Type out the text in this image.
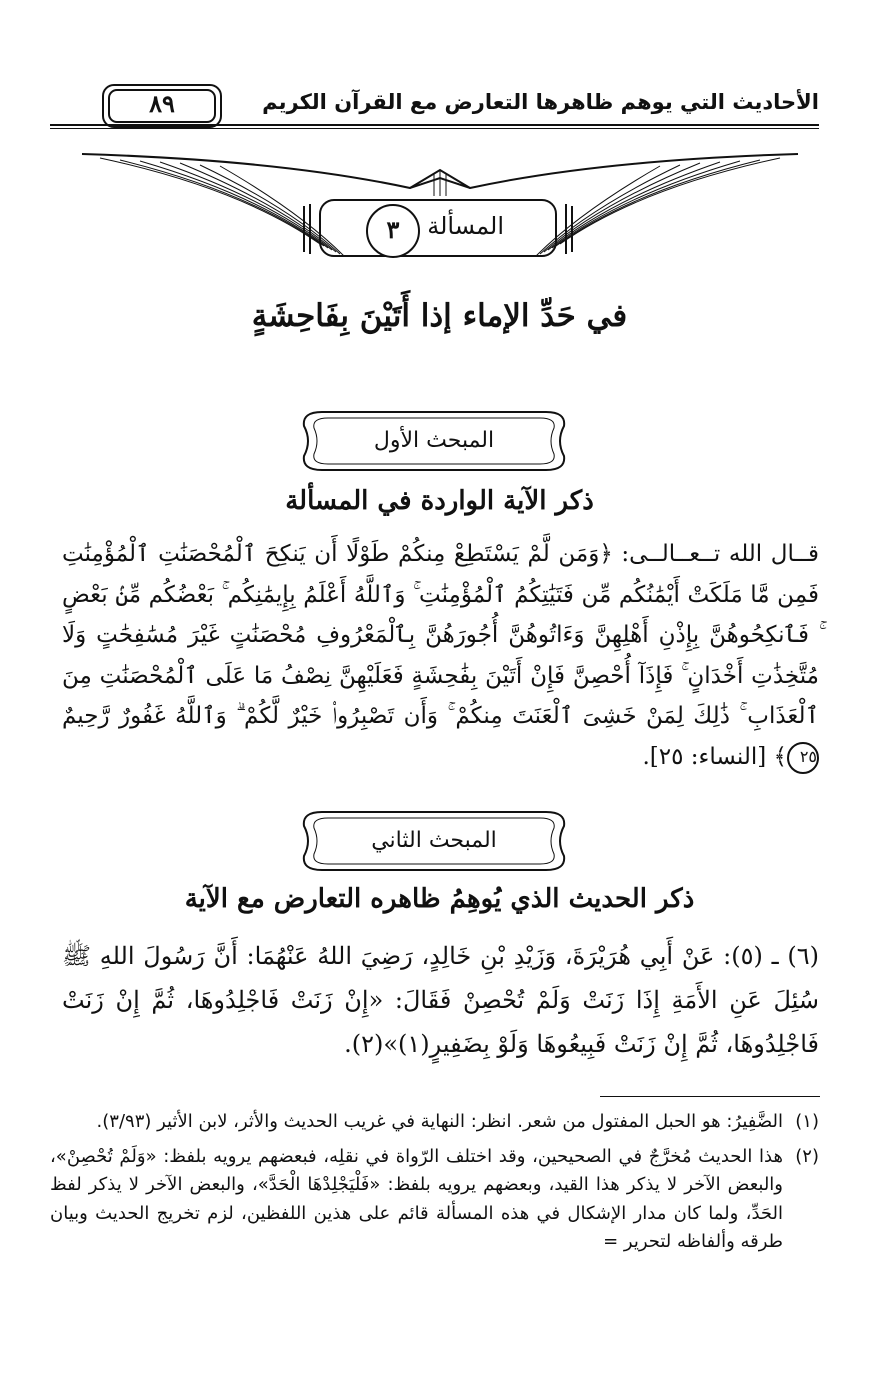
الأحاديث التي يوهم ظاهرها التعارض مع القرآن الكريم
٨٩
المسألة
٣
في حَدِّ الإماء إذا أَتَيْنَ بِفَاحِشَةٍ
المبحث الأول
ذكر الآية الواردة في المسألة

قــال الله تــعــالــى: ﴿وَمَن لَّمْ يَسْتَطِعْ مِنكُمْ طَوْلًا أَن يَنكِحَ ٱلْمُحْصَنَٰتِ ٱلْمُؤْمِنَٰتِ فَمِن مَّا مَلَكَتْ أَيْمَٰنُكُم مِّن فَتَيَٰتِكُمُ ٱلْمُؤْمِنَٰتِ ۚ وَٱللَّهُ أَعْلَمُ بِإِيمَٰنِكُم ۚ بَعْضُكُم مِّنۢ بَعْضٍ ۚ فَٱنكِحُوهُنَّ بِإِذْنِ أَهْلِهِنَّ وَءَاتُوهُنَّ أُجُورَهُنَّ بِٱلْمَعْرُوفِ مُحْصَنَٰتٍ غَيْرَ مُسَٰفِحَٰتٍ وَلَا مُتَّخِذَٰتِ أَخْدَانٍ ۚ فَإِذَآ أُحْصِنَّ فَإِنْ أَتَيْنَ بِفَٰحِشَةٍ فَعَلَيْهِنَّ نِصْفُ مَا عَلَى ٱلْمُحْصَنَٰتِ مِنَ ٱلْعَذَابِ ۚ ذَٰلِكَ لِمَنْ خَشِىَ ٱلْعَنَتَ مِنكُمْ ۚ وَأَن تَصْبِرُوا۟ خَيْرٌ لَّكُمْ ۗ وَٱللَّهُ غَفُورٌ رَّحِيمٌ ٢٥﴾ [النساء: ٢٥].

المبحث الثاني
ذكر الحديث الذي يُوهِمُ ظاهره التعارض مع الآية

(٦) ـ (٥): عَنْ أَبِي هُرَيْرَةَ، وَزَيْدِ بْنِ خَالِدٍ، رَضِيَ اللهُ عَنْهُمَا: أَنَّ رَسُولَ اللهِ ﷺ سُئِلَ عَنِ الأَمَةِ إِذَا زَنَتْ وَلَمْ تُحْصِنْ فَقَالَ: «إِنْ زَنَتْ فَاجْلِدُوهَا، ثُمَّ إِنْ زَنَتْ فَاجْلِدُوهَا، ثُمَّ إِنْ زَنَتْ فَبِيعُوهَا وَلَوْ بِضَفِيرٍ(١)»(٢).

(١)
الضَّفِيرُ: هو الحبل المفتول من شعر. انظر: النهاية في غريب الحديث والأثر، لابن الأثير (٣/٩٣).
(٢)
هذا الحديث مُخرَّجٌ في الصحيحين، وقد اختلف الرّواة في نقلِه، فبعضهم يرويه بلفظ: «وَلَمْ تُحْصِنْ»، والبعض الآخر لا يذكر هذا القيد، وبعضهم يرويه بلفظ: «فَلْيَجْلِدْهَا الْحَدَّ»، والبعض الآخر لا يذكر لفظ الحَدِّ، ولما كان مدار الإشكال في هذه المسألة قائم على هذين اللفظين، لزم تخريج الحديث وبيان طرقه وألفاظه لتحرير =
